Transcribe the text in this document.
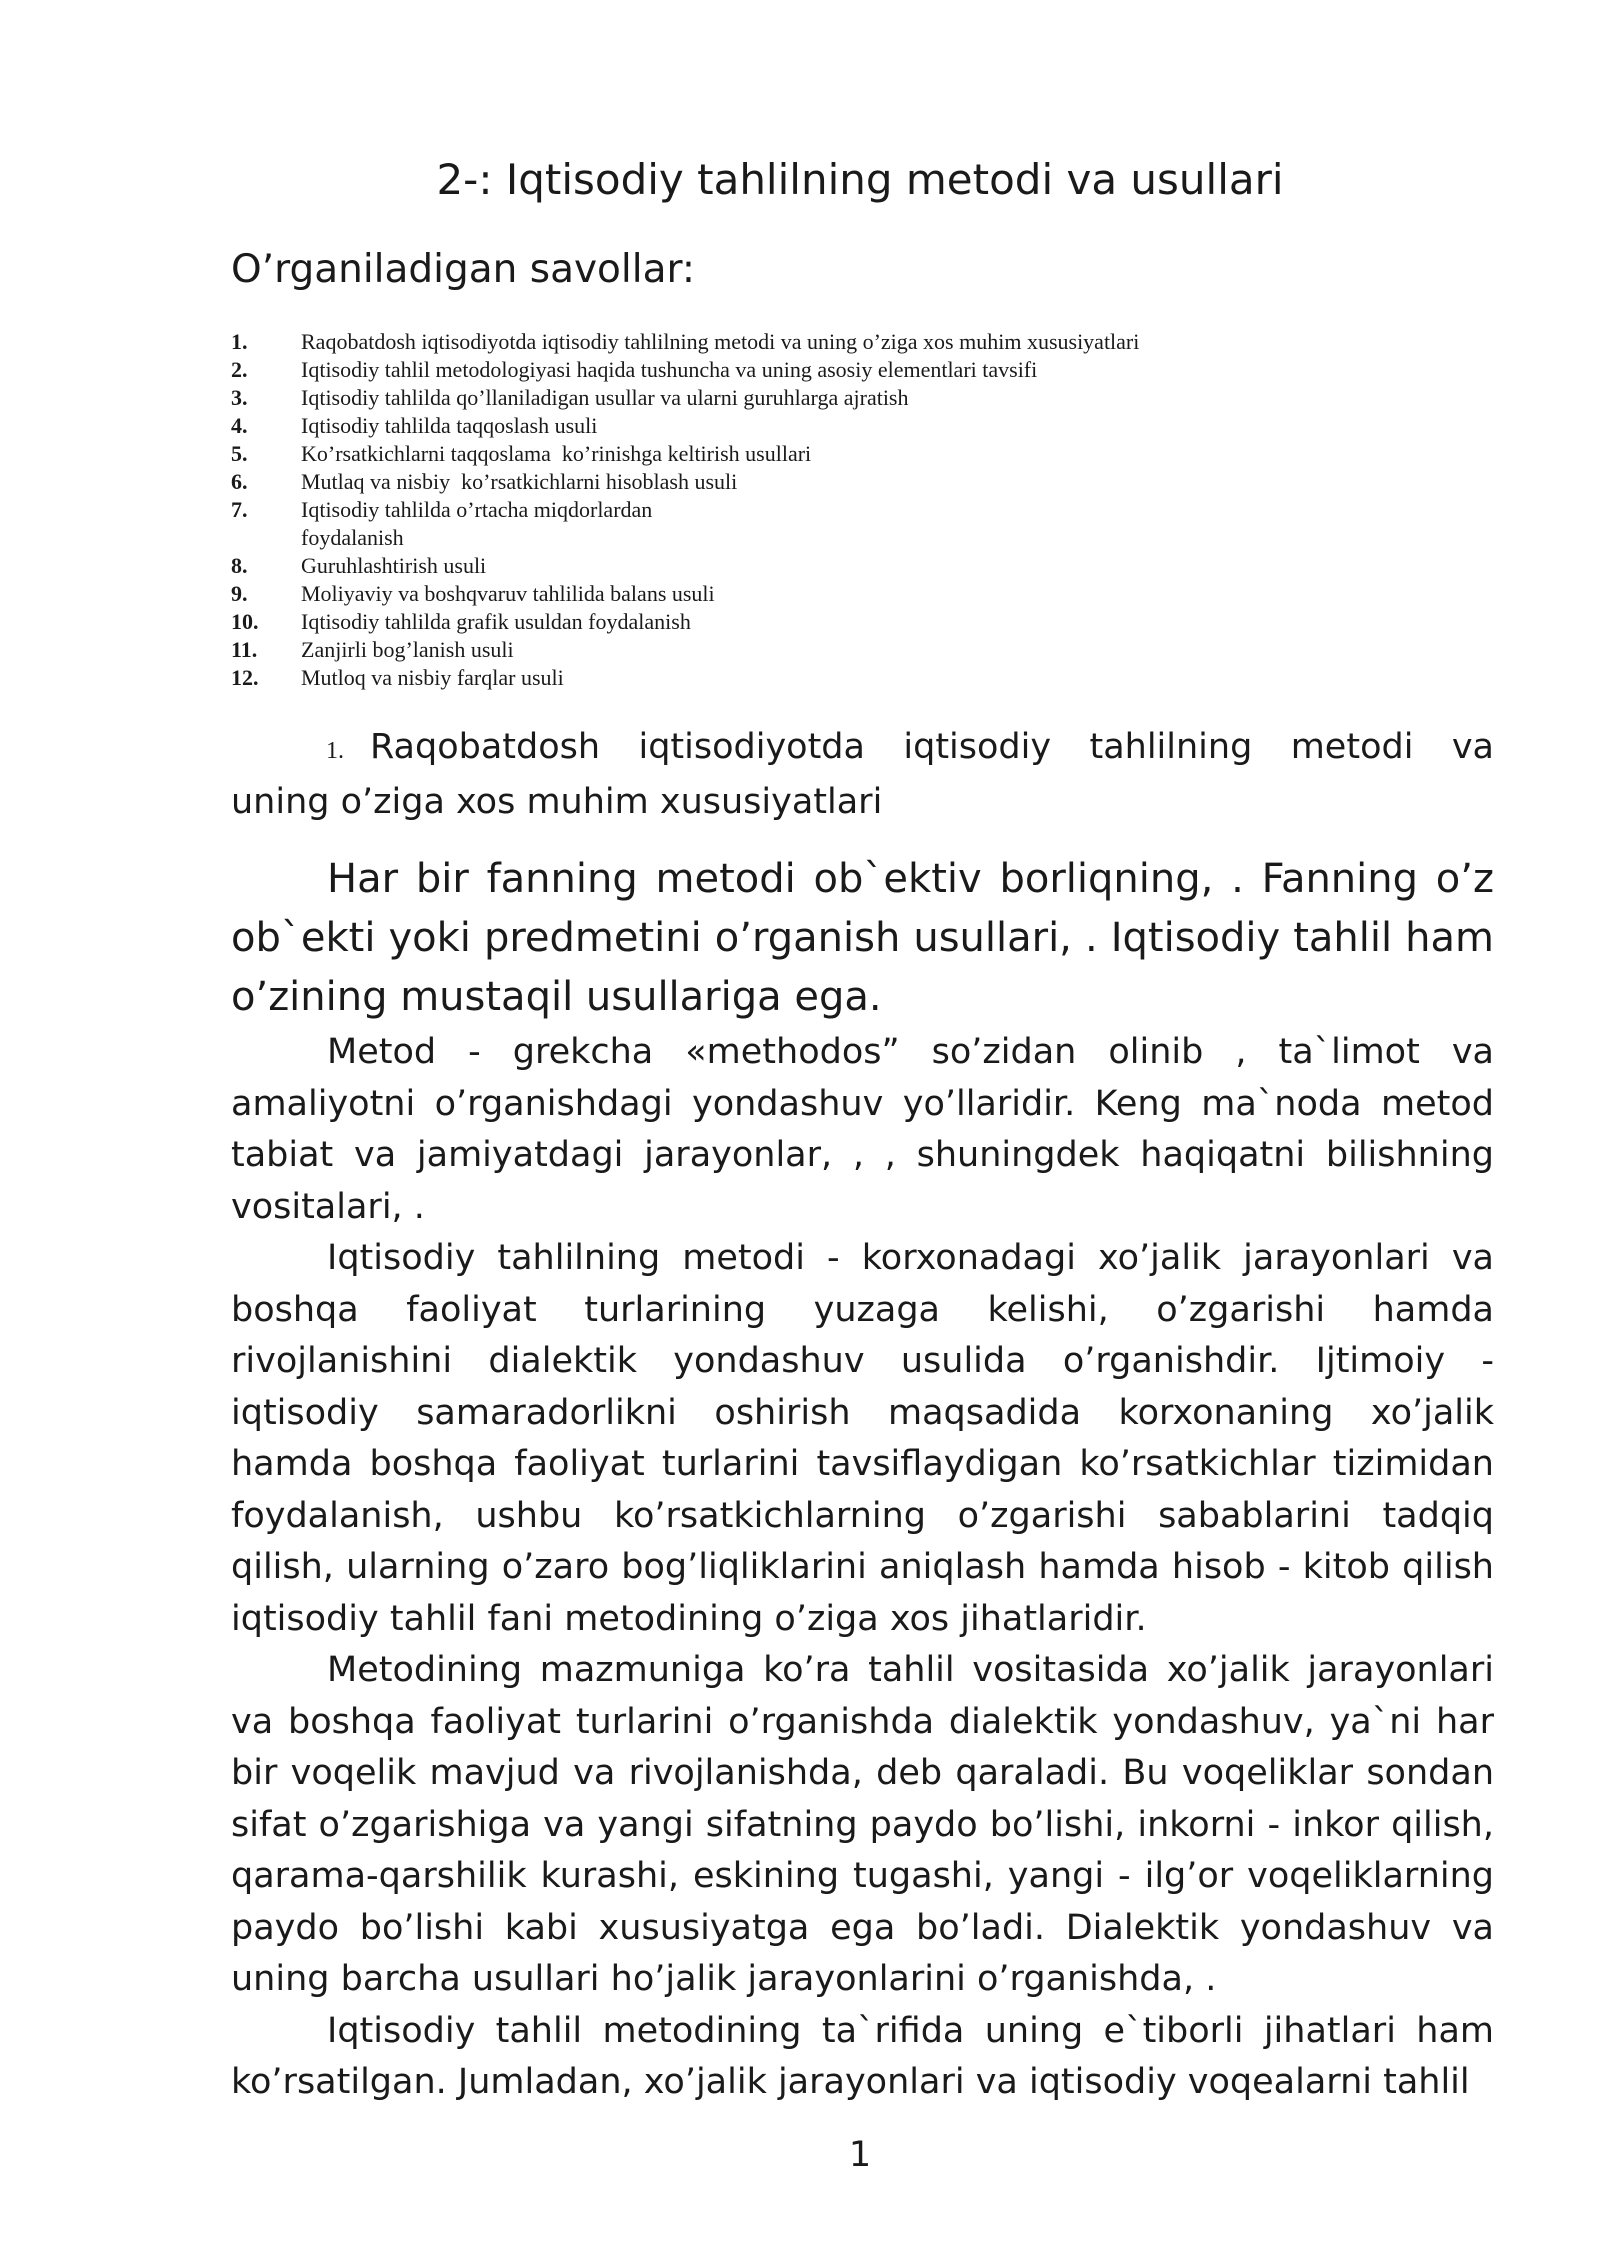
2-: Iqtisodiy tahlilning metodi va usullari
O’rganiladigan savollar:
1.	Raqobatdosh iqtisodiyotda iqtisodiy tahlilning metodi va uning o’ziga xos muhim xususiyatlari
2.	Iqtisodiy tahlil metodologiyasi haqida tushuncha va uning asosiy elementlari tavsifi
3.	Iqtisodiy tahlilda qo’llaniladigan usullar va ularni guruhlarga ajratish
4.	Iqtisodiy tahlilda taqqoslash usuli
5.	Ko’rsatkichlarni taqqoslama  ko’rinishga keltirish usullari
6.	Mutlaq va nisbiy  ko’rsatkichlarni hisoblash usuli
7.	Iqtisodiy tahlilda o’rtacha miqdorlardan
foydalanish
8.	Guruhlashtirish usuli
9.	Moliyaviy va boshqvaruv tahlilida balans usuli
10.	Iqtisodiy tahlilda grafik usuldan foydalanish
11.	Zanjirli bog’lanish usuli
12.	Mutloq va nisbiy farqlar usuli
1. Raqobatdosh iqtisodiyotda iqtisodiy tahlilning metodi va
uning o’ziga xos muhim xususiyatlari

Har bir fanning metodi ob`ektiv borliqning, . Fanning o’z ob`ekti yoki predmetini o’rganish usullari, . Iqtisodiy tahlil ham o’zining mustaqil usullariga ega.

Metod - grekcha «methodos” so’zidan olinib , ta`limot va amaliyotni o’rganishdagi yondashuv yo’llaridir. Keng ma`noda metod tabiat va jamiyatdagi jarayonlar, , , shuningdek haqiqatni bilishning vositalari, .

Iqtisodiy tahlilning metodi - korxonadagi xo’jalik jarayonlari va boshqa faoliyat turlarining yuzaga kelishi, o’zgarishi hamda rivojlanishini dialektik yondashuv usulida o’rganishdir. Ijtimoiy - iqtisodiy samaradorlikni oshirish maqsadida korxonaning xo’jalik hamda boshqa faoliyat turlarini tavsiflaydigan ko’rsatkichlar tizimidan foydalanish, ushbu ko’rsatkichlarning o’zgarishi sabablarini tadqiq qilish, ularning o’zaro bog’liqliklarini aniqlash hamda hisob - kitob qilish iqtisodiy tahlil fani metodining o’ziga xos jihatlaridir.

Metodining mazmuniga ko’ra tahlil vositasida xo’jalik jarayonlari va boshqa faoliyat turlarini o’rganishda dialektik yondashuv, ya`ni har bir voqelik mavjud va rivojlanishda, deb qaraladi. Bu voqeliklar sondan sifat o’zgarishiga va yangi sifatning paydo bo’lishi, inkorni - inkor qilish, qarama-qarshilik kurashi, eskining tugashi, yangi - ilg’or voqeliklarning paydo bo’lishi kabi xususiyatga ega bo’ladi. Dialektik yondashuv va uning barcha usullari ho’jalik jarayonlarini o’rganishda, .

Iqtisodiy tahlil metodining ta`rifida uning e`tiborli jihatlari ham ko’rsatilgan. Jumladan, xo’jalik jarayonlari va iqtisodiy voqealarni tahlil

1
